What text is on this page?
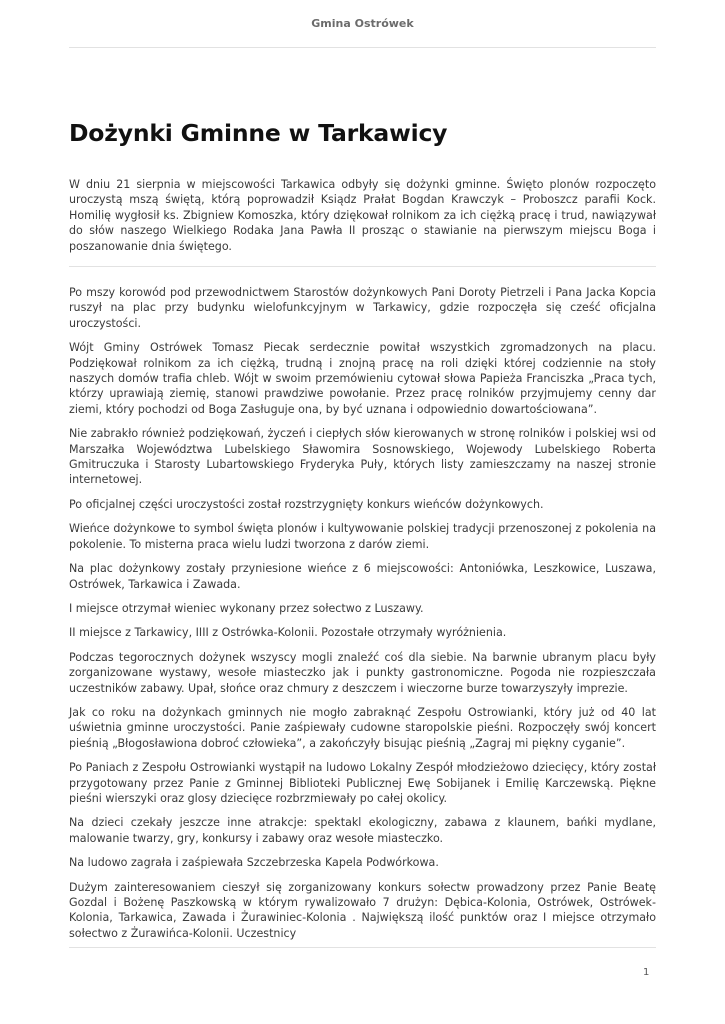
Gmina Ostrówek
Dożynki Gminne w Tarkawicy

W dniu 21 sierpnia w miejscowości Tarkawica odbyły się dożynki gminne. Święto plonów rozpoczęto uroczystą mszą świętą, którą poprowadził Ksiądz Prałat Bogdan Krawczyk – Proboszcz parafii Kock. Homilię wygłosił ks. Zbigniew Komoszka, który dziękował rolnikom za ich ciężką pracę i trud, nawiązywał do słów naszego Wielkiego Rodaka Jana Pawła II prosząc o stawianie na pierwszym miejscu Boga i poszanowanie dnia świętego.

Po mszy korowód pod przewodnictwem Starostów dożynkowych Pani Doroty Pietrzeli i Pana Jacka Kopcia ruszył na plac przy budynku wielofunkcyjnym w Tarkawicy, gdzie rozpoczęła się cześć oficjalna uroczystości.

Wójt Gminy Ostrówek Tomasz Piecak serdecznie powitał wszystkich zgromadzonych na placu. Podziękował rolnikom za ich ciężką, trudną i znojną pracę na roli dzięki której codziennie na stoły naszych domów trafia chleb. Wójt w swoim przemówieniu cytował słowa Papieża Franciszka „Praca tych, którzy uprawiają ziemię, stanowi prawdziwe powołanie. Przez pracę rolników przyjmujemy cenny dar ziemi, który pochodzi od Boga Zasługuje ona, by być uznana i odpowiednio dowartościowana”.

Nie zabrakło również podziękowań, życzeń i ciepłych słów kierowanych w stronę rolników i polskiej wsi od Marszałka Województwa Lubelskiego Sławomira Sosnowskiego, Wojewody Lubelskiego Roberta Gmitruczuka i Starosty Lubartowskiego Fryderyka Puły, których listy zamieszczamy na naszej stronie internetowej.

Po oficjalnej części uroczystości został rozstrzygnięty konkurs wieńców dożynkowych.

Wieńce dożynkowe to symbol święta plonów i kultywowanie polskiej tradycji przenoszonej z pokolenia na pokolenie. To misterna praca wielu ludzi tworzona z darów ziemi.

Na plac dożynkowy zostały przyniesione wieńce z 6 miejscowości: Antoniówka, Leszkowice, Luszawa, Ostrówek, Tarkawica i Zawada.

I miejsce otrzymał wieniec wykonany przez sołectwo z Luszawy.

II miejsce z Tarkawicy, IIII z Ostrówka-Kolonii. Pozostałe otrzymały wyróżnienia.

Podczas tegorocznych dożynek wszyscy mogli znaleźć coś dla siebie. Na barwnie ubranym placu były zorganizowane wystawy, wesołe miasteczko jak i punkty gastronomiczne. Pogoda nie rozpieszczała uczestników zabawy. Upał, słońce oraz chmury z deszczem i wieczorne burze towarzyszyły imprezie.

Jak co roku na dożynkach gminnych nie mogło zabraknąć Zespołu Ostrowianki, który już od 40 lat uświetnia gminne uroczystości. Panie zaśpiewały cudowne staropolskie pieśni. Rozpoczęły swój koncert pieśnią „Błogosławiona dobroć człowieka”, a zakończyły bisując pieśnią „Zagraj mi piękny cyganie”.

Po Paniach z Zespołu Ostrowianki wystąpił na ludowo Lokalny Zespół młodzieżowo dziecięcy, który został przygotowany przez Panie z Gminnej Biblioteki Publicznej Ewę Sobijanek i Emilię Karczewską. Piękne pieśni wierszyki oraz glosy dziecięce rozbrzmiewały po całej okolicy.

Na dzieci czekały jeszcze inne atrakcje: spektakl ekologiczny, zabawa z klaunem, bańki mydlane, malowanie twarzy, gry, konkursy i zabawy oraz wesołe miasteczko.

Na ludowo zagrała i zaśpiewała Szczebrzeska Kapela Podwórkowa.

Dużym zainteresowaniem cieszył się zorganizowany konkurs sołectw prowadzony przez Panie Beatę Gozdal i Bożenę Paszkowską w którym rywalizowało 7 drużyn: Dębica-Kolonia, Ostrówek, Ostrówek-Kolonia, Tarkawica, Zawada i Żurawiniec-Kolonia . Największą ilość punktów oraz I miejsce otrzymało sołectwo z Żurawińca-Kolonii. Uczestnicy

1
